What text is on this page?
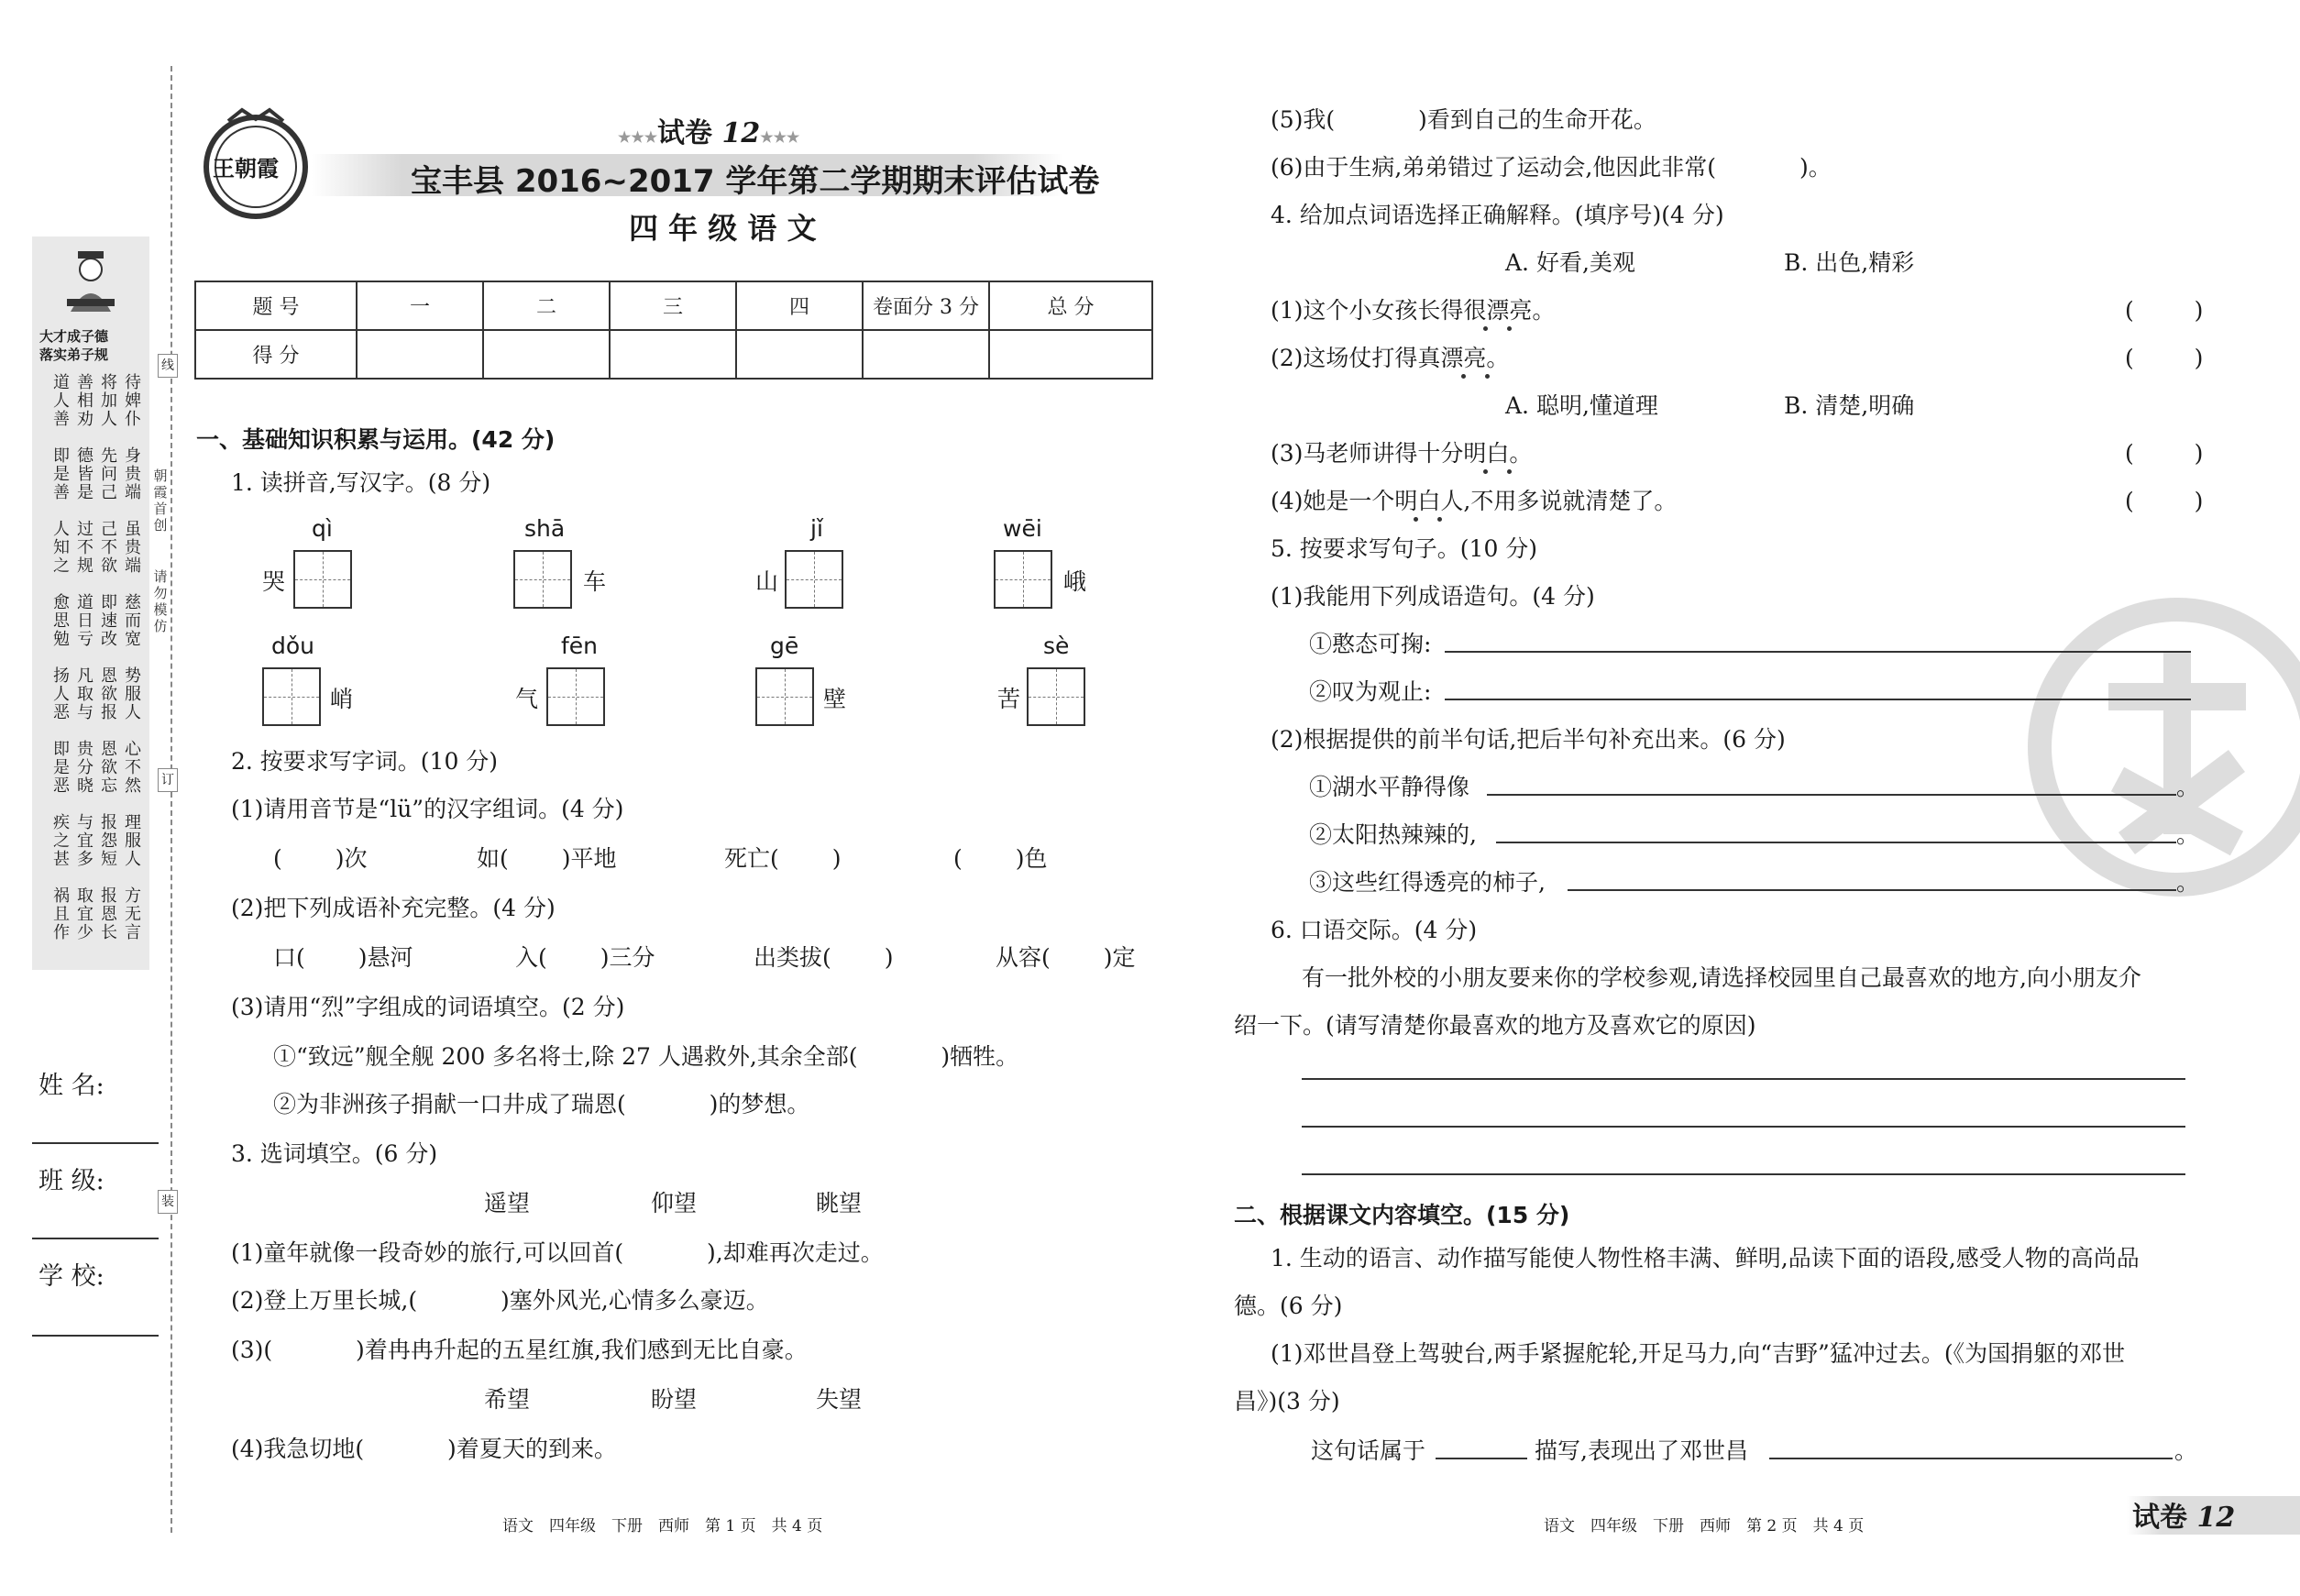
大才成子德
落实弟子规
待婢仆
将加人
善相劝
道人善
身贵端
先问己
德皆是
即是善
虽贵端
己不欲
过不规
人知之
慈而宽
即速改
道日亏
愈思勉
势服人
恩欲报
凡取与
扬人恶
心不然
恩欲忘
贵分晓
即是恶
理服人
报怨短
与宜多
疾之甚
方无言
报恩长
取宜少
祸且作
朝霞首创
请勿模仿
线
订
装
姓 名:
班 级:
学 校:
王朝霞
★★★试卷 12★★★
宝丰县 2016~2017 学年第二学期期末评估试卷
四 年 级 语 文
题 号	一	二	三	四	卷面分 3 分	总 分
得 分						
一、基础知识积累与运用。(42 分)
1. 读拼音,写汉字。(8 分)
qì
哭
shā
车
jǐ
山
wēi
峨
dǒu
峭
fēn
气
gē
壁
sè
苦
2. 按要求写字词。(10 分)
(1)请用音节是“lü”的汉字组词。(4 分)
(　 　)次	如(　 　)平地	死亡(　 　)	(　 　)色
(2)把下列成语补充完整。(4 分)
口(　 　)悬河	入(　 　)三分	出类拔(　 　)	从容(　 　)定
(3)请用“烈”字组成的词语填空。(2 分)
①“致远”舰全舰 200 多名将士,除 27 人遇救外,其余全部(　 　 　)牺牲。
②为非洲孩子捐献一口井成了瑞恩(　 　 　)的梦想。
3. 选词填空。(6 分)
遥望	仰望	眺望
(1)童年就像一段奇妙的旅行,可以回首(　 　 　),却难再次走过。
(2)登上万里长城,(　 　 　)塞外风光,心情多么豪迈。
(3)(　 　 　)着冉冉升起的五星红旗,我们感到无比自豪。
希望	盼望	失望
(4)我急切地(　 　 　)着夏天的到来。
语文　四年级　下册　西师　第 1 页　共 4 页
(5)我(　 　 　)看到自己的生命开花。
(6)由于生病,弟弟错过了运动会,他因此非常(　 　 　)。
4. 给加点词语选择正确解释。(填序号)(4 分)
A. 好看,美观	B. 出色,精彩
(1)这个小女孩长得很漂亮。	(　 　 )
(2)这场仗打得真漂亮。	(　 　 )
A. 聪明,懂道理	B. 清楚,明确
(3)马老师讲得十分明白。	(　 　 )
(4)她是一个明白人,不用多说就清楚了。	(　 　 )
5. 按要求写句子。(10 分)
(1)我能用下列成语造句。(4 分)
①憨态可掬:
②叹为观止:
(2)根据提供的前半句话,把后半句补充出来。(6 分)
①湖水平静得像	。
②太阳热辣辣的,	。
③这些红得透亮的柿子,	。
6. 口语交际。(4 分)
有一批外校的小朋友要来你的学校参观,请选择校园里自己最喜欢的地方,向小朋友介
绍一下。(请写清楚你最喜欢的地方及喜欢它的原因)
二、根据课文内容填空。(15 分)
1. 生动的语言、动作描写能使人物性格丰满、鲜明,品读下面的语段,感受人物的高尚品
德。(6 分)
(1)邓世昌登上驾驶台,两手紧握舵轮,开足马力,向“吉野”猛冲过去。(《为国捐躯的邓世
昌》)(3 分)
这句话属于	描写,表现出了邓世昌	。
语文　四年级　下册　西师　第 2 页　共 4 页	试卷 12
